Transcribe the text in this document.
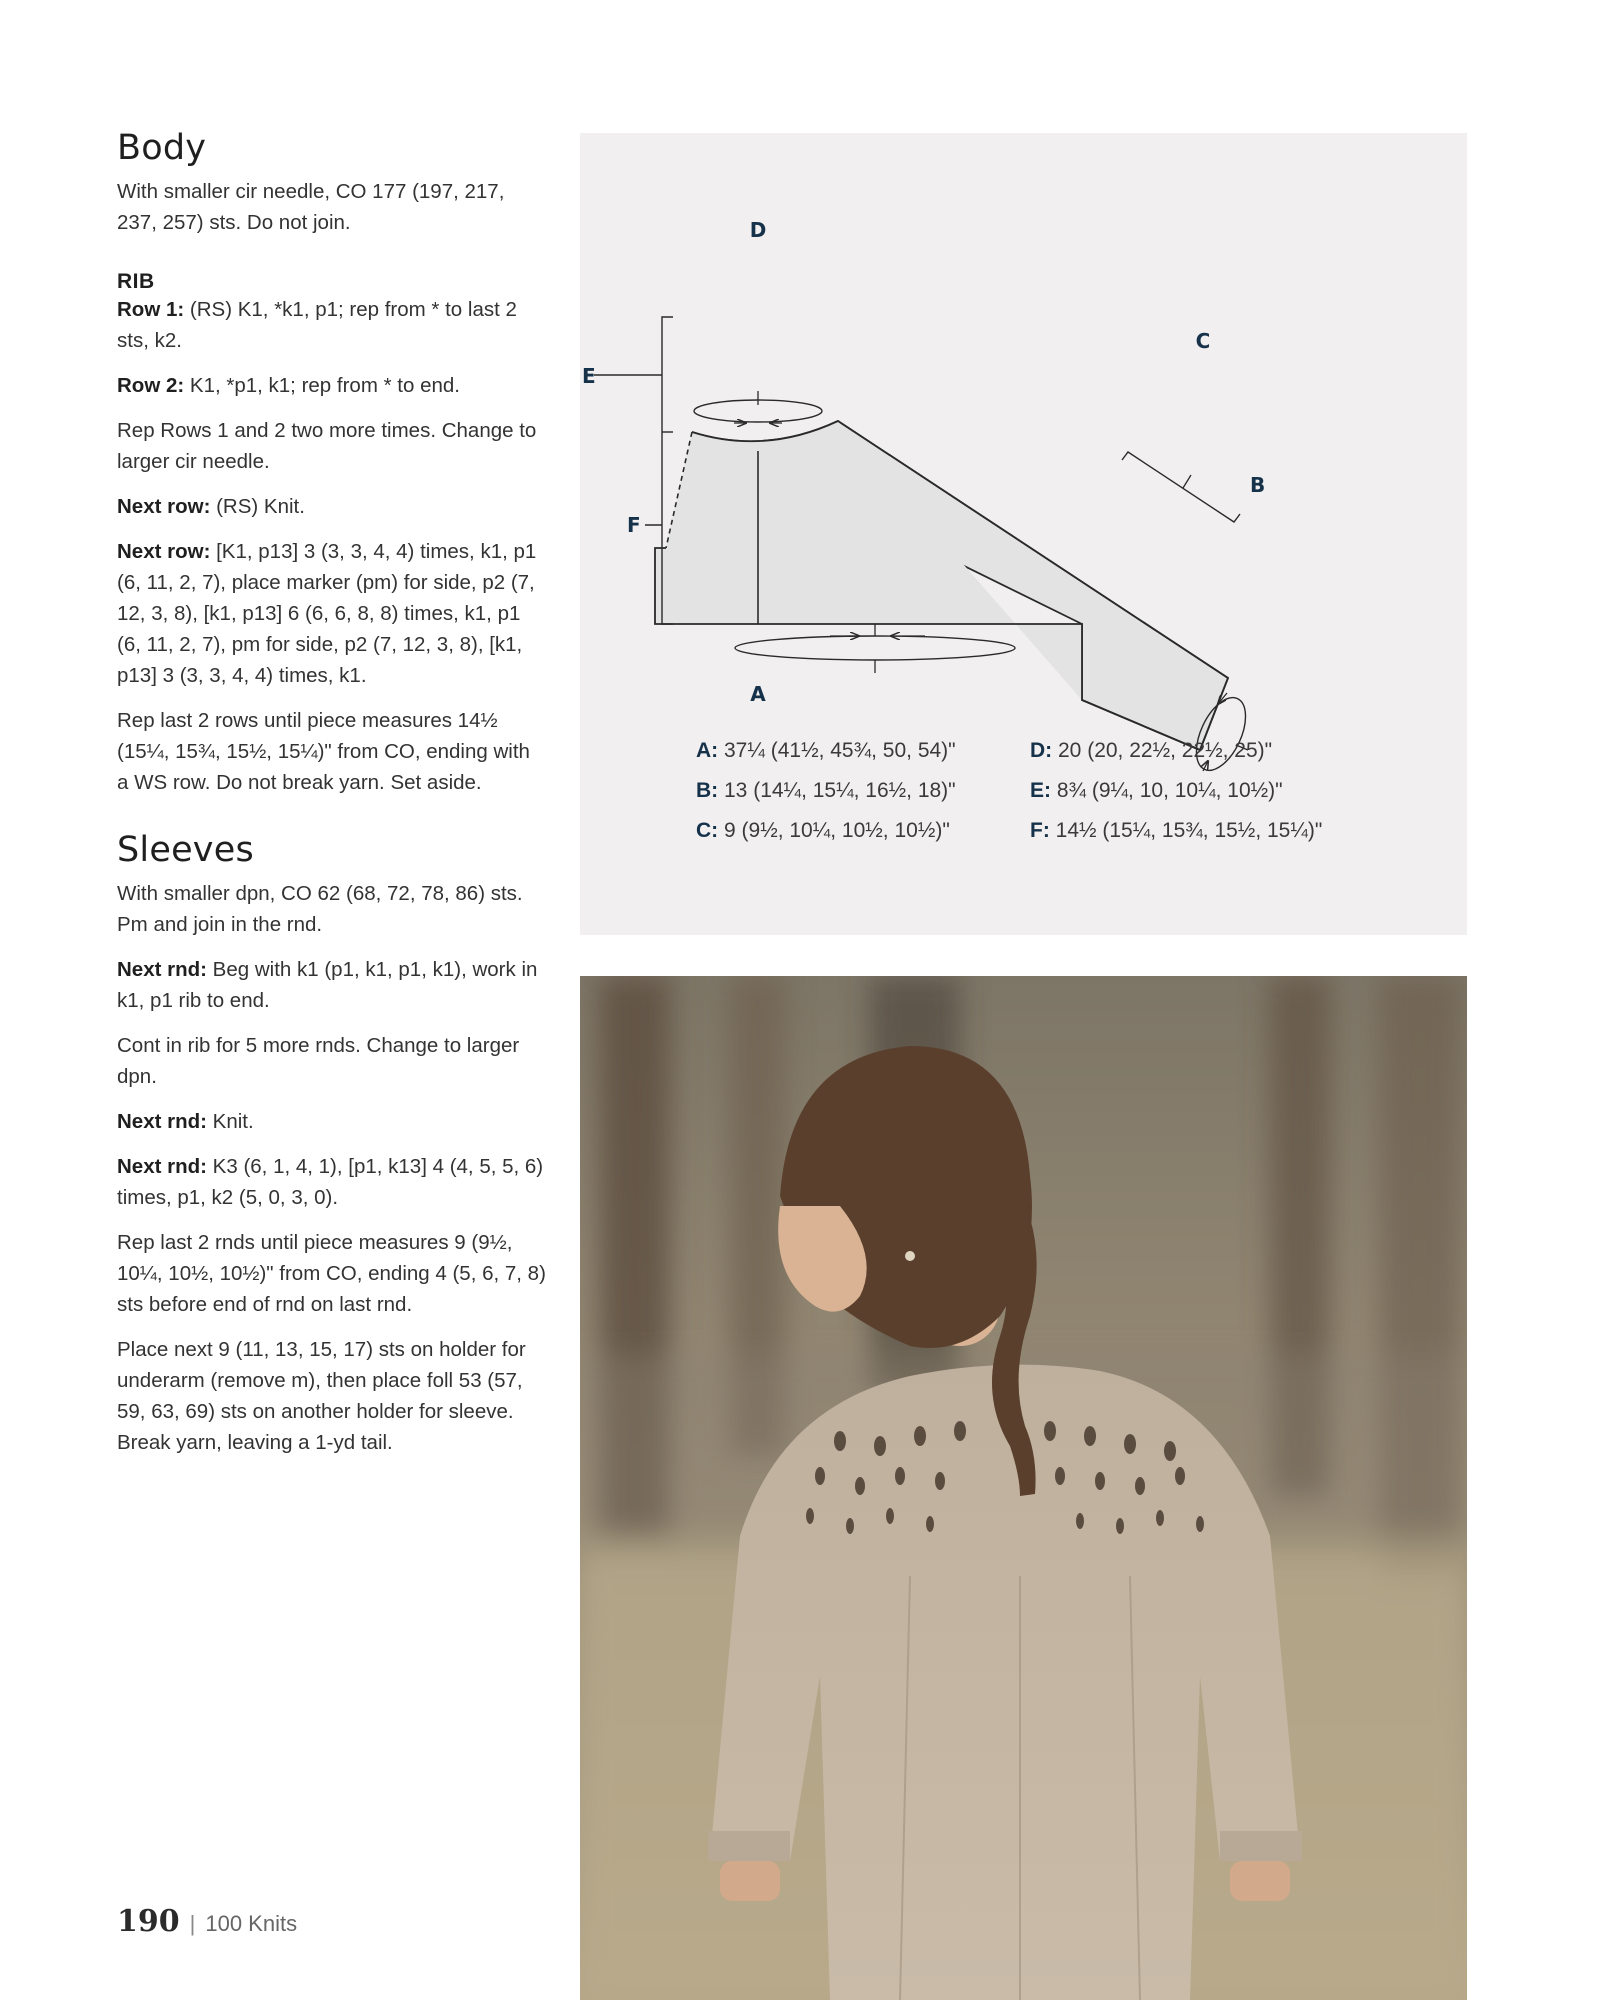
Body

With smaller cir needle, CO 177 (197, 217, 237, 257) sts. Do not join.

RIB

Row 1: (RS) K1, *k1, p1; rep from * to last 2 sts, k2.

Row 2: K1, *p1, k1; rep from * to end.

Rep Rows 1 and 2 two more times. Change to larger cir needle.

Next row: (RS) Knit.

Next row: [K1, p13] 3 (3, 3, 4, 4) times, k1, p1 (6, 11, 2, 7), place marker (pm) for side, p2 (7, 12, 3, 8), [k1, p13] 6 (6, 6, 8, 8) times, k1, p1 (6, 11, 2, 7), pm for side, p2 (7, 12, 3, 8), [k1, p13] 3 (3, 3, 4, 4) times, k1.

Rep last 2 rows until piece measures 14½ (15¼, 15¾, 15½, 15¼)" from CO, ending with a WS row. Do not break yarn. Set aside.

Sleeves

With smaller dpn, CO 62 (68, 72, 78, 86) sts. Pm and join in the rnd.

Next rnd: Beg with k1 (p1, k1, p1, k1), work in k1, p1 rib to end.

Cont in rib for 5 more rnds. Change to larger dpn.

Next rnd: Knit.

Next rnd: K3 (6, 1, 4, 1), [p1, k13] 4 (4, 5, 5, 6) times, p1, k2 (5, 0, 3, 0).

Rep last 2 rnds until piece measures 9 (9½, 10¼, 10½, 10½)" from CO, ending 4 (5, 6, 7, 8) sts before end of rnd on last rnd.

Place next 9 (11, 13, 15, 17) sts on holder for underarm (remove m), then place foll 53 (57, 59, 63, 69) sts on another holder for sleeve. Break yarn, leaving a 1-yd tail.

D
C
E
B
F
A
A: 37¼ (41½, 45¾, 50, 54)"
B: 13 (14¼, 15¼, 16½, 18)"
C: 9 (9½, 10¼, 10½, 10½)"
D: 20 (20, 22½, 22½, 25)"
E: 8¾ (9¼, 10, 10¼, 10½)"
F: 14½ (15¼, 15¾, 15½, 15¼)"
190 | 100 Knits
